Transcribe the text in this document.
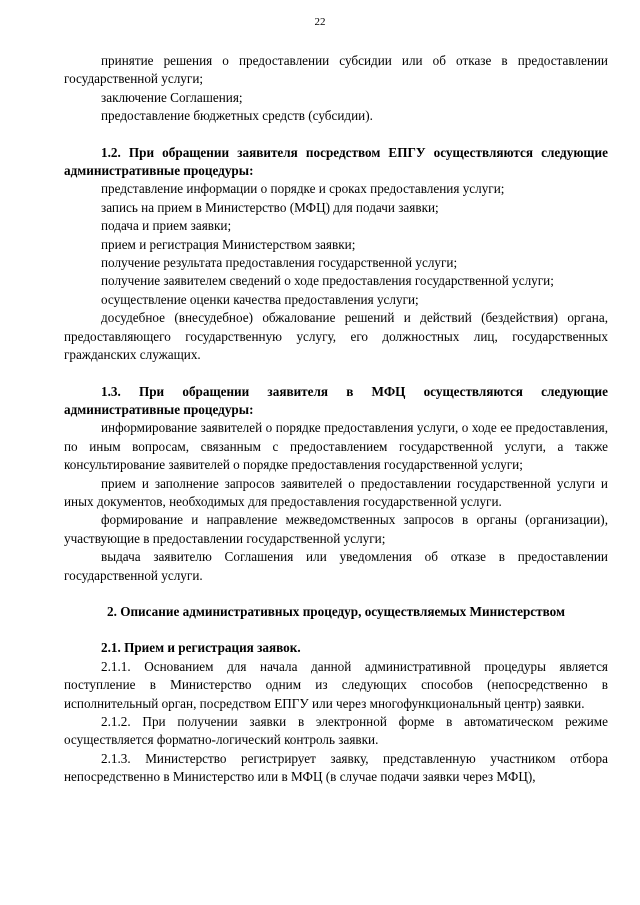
22

принятие решения о предоставлении субсидии или об отказе в предоставлении государственной услуги;

заключение Соглашения;

предоставление бюджетных средств (субсидии).

1.2. При обращении заявителя посредством ЕПГУ осуществляются следующие административные процедуры:

представление информации о порядке и сроках предоставления услуги;

запись на прием в Министерство (МФЦ) для подачи заявки;

подача и прием заявки;

прием и регистрация Министерством заявки;

получение результата предоставления государственной услуги;

получение заявителем сведений о ходе предоставления государственной услуги;

осуществление оценки качества предоставления услуги;

досудебное (внесудебное) обжалование решений и действий (бездействия) органа, предоставляющего государственную услугу, его должностных лиц, государственных гражданских служащих.

1.3. При обращении заявителя в МФЦ осуществляются следующие административные процедуры:

информирование заявителей о порядке предоставления услуги, о ходе ее предоставления, по иным вопросам, связанным с предоставлением государственной услуги, а также консультирование заявителей о порядке предоставления государственной услуги;

прием и заполнение запросов заявителей о предоставлении государственной услуги и иных документов, необходимых для предоставления государственной услуги.

формирование и направление межведомственных запросов в органы (организации), участвующие в предоставлении государственной услуги;

выдача заявителю Соглашения или уведомления об отказе в предоставлении государственной услуги.

2. Описание административных процедур, осуществляемых Министерством

2.1. Прием и регистрация заявок.

2.1.1. Основанием для начала данной административной процедуры является поступление в Министерство одним из следующих способов (непосредственно в исполнительный орган, посредством ЕПГУ или через многофункциональный центр) заявки.

2.1.2. При получении заявки в электронной форме в автоматическом режиме осуществляется форматно-логический контроль заявки.

2.1.3. Министерство регистрирует заявку, представленную участником отбора непосредственно в Министерство или в МФЦ (в случае подачи заявки через МФЦ),
